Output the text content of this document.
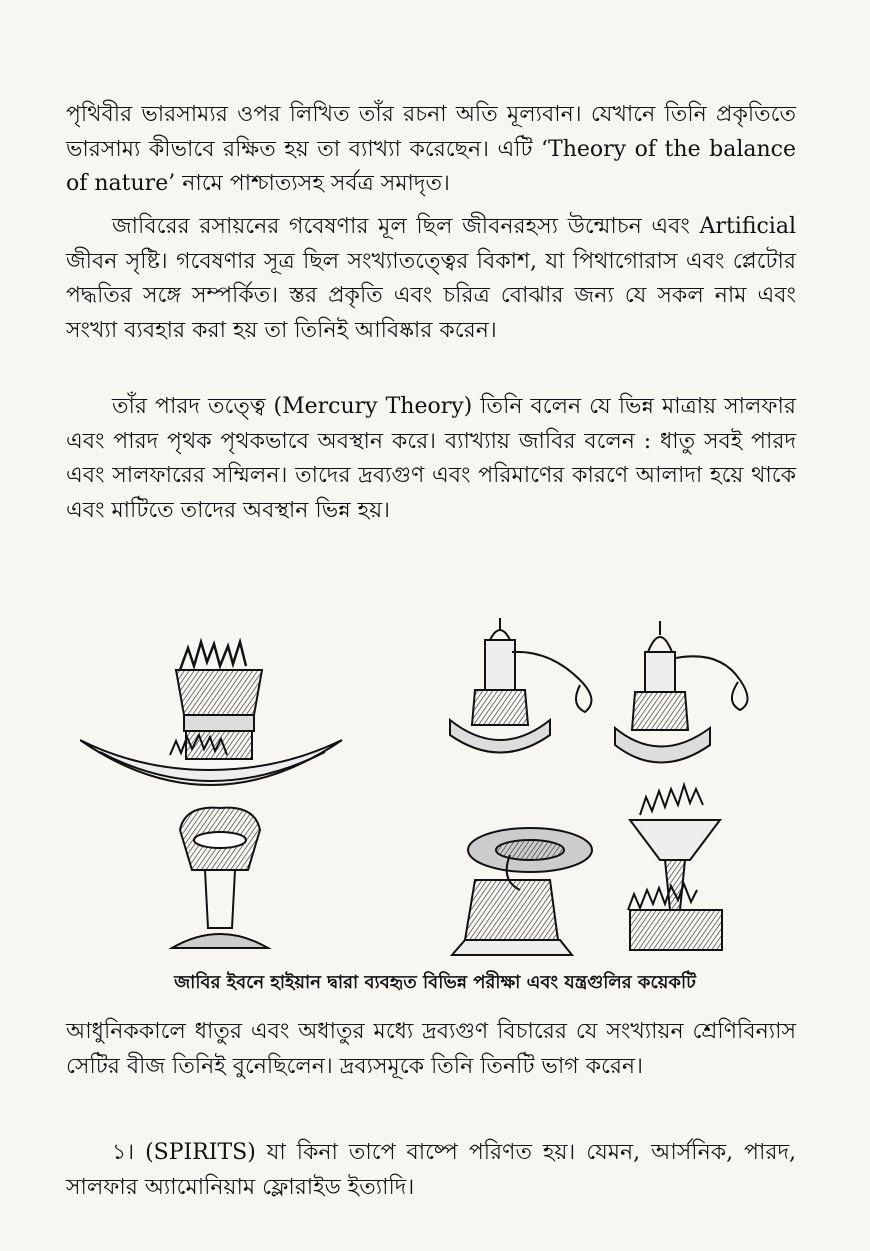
পৃথিবীর ভারসাম্যর ওপর লিখিত তাঁর রচনা অতি মূল্যবান। যেখানে তিনি প্রকৃতিতে ভারসাম্য কীভাবে রক্ষিত হয় তা ব্যাখ্যা করেছেন। এটি ‘Theory of the balance of nature’ নামে পাশ্চাত্যসহ সর্বত্র সমাদৃত।

জাবিরের রসায়নের গবেষণার মূল ছিল জীবনরহস্য উন্মোচন এবং Artificial জীবন সৃষ্টি। গবেষণার সূত্র ছিল সংখ্যাতত্ত্বের বিকাশ, যা পিথাগোরাস এবং প্লেটোর পদ্ধতির সঙ্গে সম্পর্কিত। স্তর প্রকৃতি এবং চরিত্র বোঝার জন্য যে সকল নাম এবং সংখ্যা ব্যবহার করা হয় তা তিনিই আবিষ্কার করেন।

তাঁর পারদ তত্ত্বে (Mercury Theory) তিনি বলেন যে ভিন্ন মাত্রায় সালফার এবং পারদ পৃথক পৃথকভাবে অবস্থান করে। ব্যাখ্যায় জাবির বলেন : ধাতু সবই পারদ এবং সালফারের সম্মিলন। তাদের দ্রব্যগুণ এবং পরিমাণের কারণে আলাদা হয়ে থাকে এবং মাটিতে তাদের অবস্থান ভিন্ন হয়।

জাবির ইবনে হাইয়ান দ্বারা ব্যবহৃত বিভিন্ন পরীক্ষা এবং যন্ত্রগুলির কয়েকটি

আধুনিককালে ধাতুর এবং অধাতুর মধ্যে দ্রব্যগুণ বিচারের যে সংখ্যায়ন শ্রেণিবিন্যাস সেটির বীজ তিনিই বুনেছিলেন। দ্রব্যসমূকে তিনি তিনটি ভাগ করেন।

১। (SPIRITS) যা কিনা তাপে বাষ্পে পরিণত হয়। যেমন, আর্সনিক, পারদ, সালফার অ্যামোনিয়াম ফ্লোরাইড ইত্যাদি।
